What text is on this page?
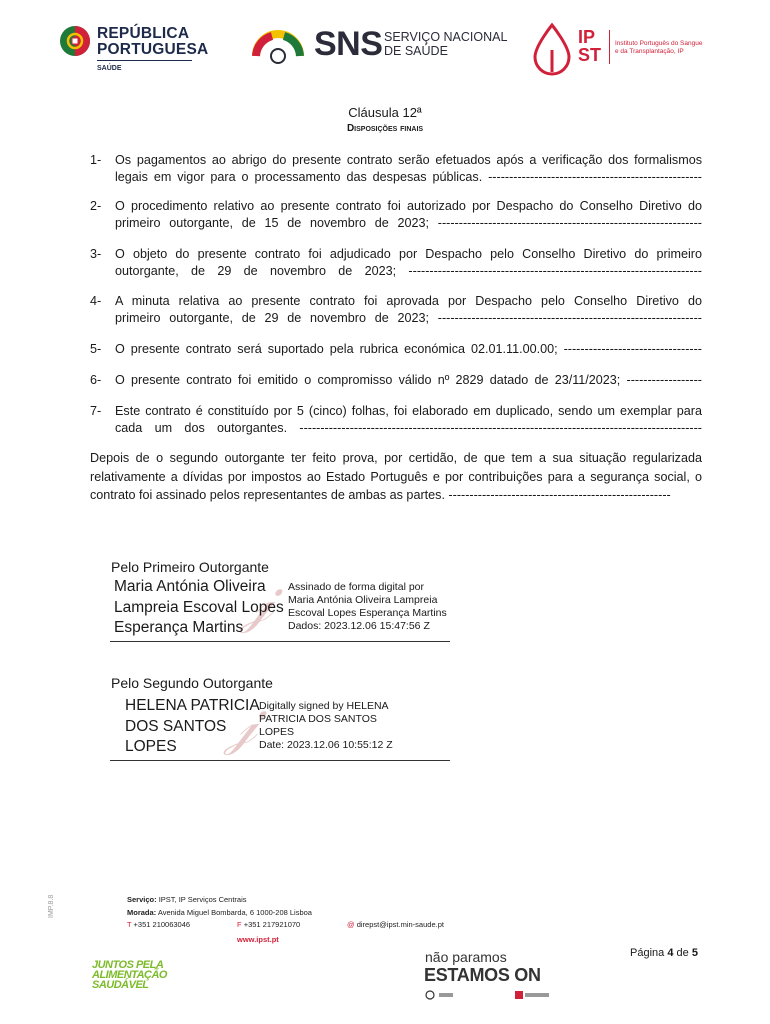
REPÚBLICA
PORTUGUESA
SAÚDE
SNS SERVIÇO NACIONAL
DE SAÚDE
IP
ST
Instituto Português do Sangue
e da Transplantação, IP
Cláusula 12ª
Disposições finais
1- Os pagamentos ao abrigo do presente contrato serão efetuados após a verificação dos formalismos
legais em vigor para o processamento das despesas públicas. ---------------------------------------------------
2- O procedimento relativo ao presente contrato foi autorizado por Despacho do Conselho Diretivo do
primeiro outorgante, de 15 de novembro de 2023; ---------------------------------------------------------------
3- O objeto do presente contrato foi adjudicado por Despacho pelo Conselho Diretivo do primeiro
outorgante, de 29 de novembro de 2023; ----------------------------------------------------------------------
4- A minuta relativa ao presente contrato foi aprovada por Despacho pelo Conselho Diretivo do
primeiro outorgante, de 29 de novembro de 2023; ---------------------------------------------------------------
5- O presente contrato será suportado pela rubrica económica 02.01.11.00.00; ---------------------------------
6- O presente contrato foi emitido o compromisso válido nº 2829 datado de 23/11/2023; ------------------
7- Este contrato é constituído por 5 (cinco) folhas, foi elaborado em duplicado, sendo um exemplar para
cada um dos outorgantes. ------------------------------------------------------------------------------------------------
Depois de o segundo outorgante ter feito prova, por certidão, de que tem a sua situação regularizada relativamente a dívidas por impostos ao Estado Português e por contribuições para a segurança social, o contrato foi assinado pelos representantes de ambas as partes. -----------------------------------------------------
Pelo Primeiro Outorgante
𝒿
Maria Antónia Oliveira
Lampreia Escoval Lopes
Esperança Martins
Assinado de forma digital por
Maria Antónia Oliveira Lampreia
Escoval Lopes Esperança Martins
Dados: 2023.12.06 15:47:56 Z
Pelo Segundo Outorgante
𝒿
HELENA PATRICIA
DOS SANTOS
LOPES
Digitally signed by HELENA
PATRICIA DOS SANTOS
LOPES
Date: 2023.12.06 10:55:12 Z
IMP.8.8	Serviço: IPST, IP Serviços Centrais
Morada: Avenida Miguel Bombarda, 6 1000-208 Lisboa
T +351 210063046	F +351 217921070	@ direpst@ipst.min-saude.pt
www.ipst.pt
Página 4 de 5
JUNTOS PELA
ALIMENTAÇÃO
SAUDÁVEL
não paramos
ESTAMOS ON
